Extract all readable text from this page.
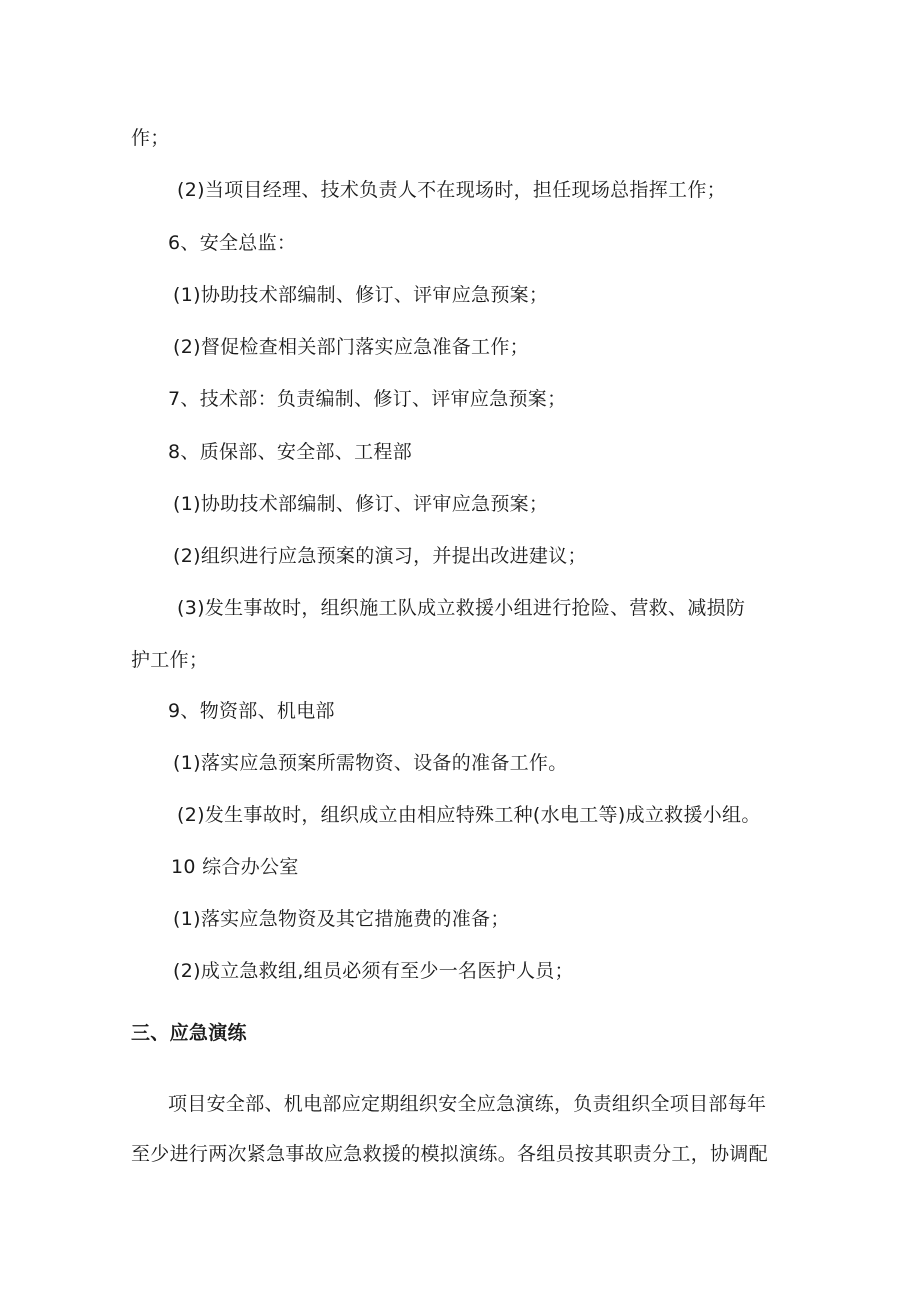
作；
(2)当项目经理、技术负责人不在现场时，担任现场总指挥工作；
6、安全总监：
(1)协助技术部编制、修订、评审应急预案；
(2)督促检查相关部门落实应急准备工作；
7、技术部：负责编制、修订、评审应急预案；
8、质保部、安全部、工程部
(1)协助技术部编制、修订、评审应急预案；
(2)组织进行应急预案的演习，并提出改进建议；
(3)发生事故时，组织施工队成立救援小组进行抢险、营救、减损防
护工作；
9、物资部、机电部
(1)落实应急预案所需物资、设备的准备工作。
(2)发生事故时，组织成立由相应特殊工种(水电工等)成立救援小组。
10 综合办公室
(1)落实应急物资及其它措施费的准备；
(2)成立急救组,组员必须有至少一名医护人员；
三、应急演练
项目安全部、机电部应定期组织安全应急演练，负责组织全项目部每年
至少进行两次紧急事故应急救援的模拟演练。各组员按其职责分工，协调配
